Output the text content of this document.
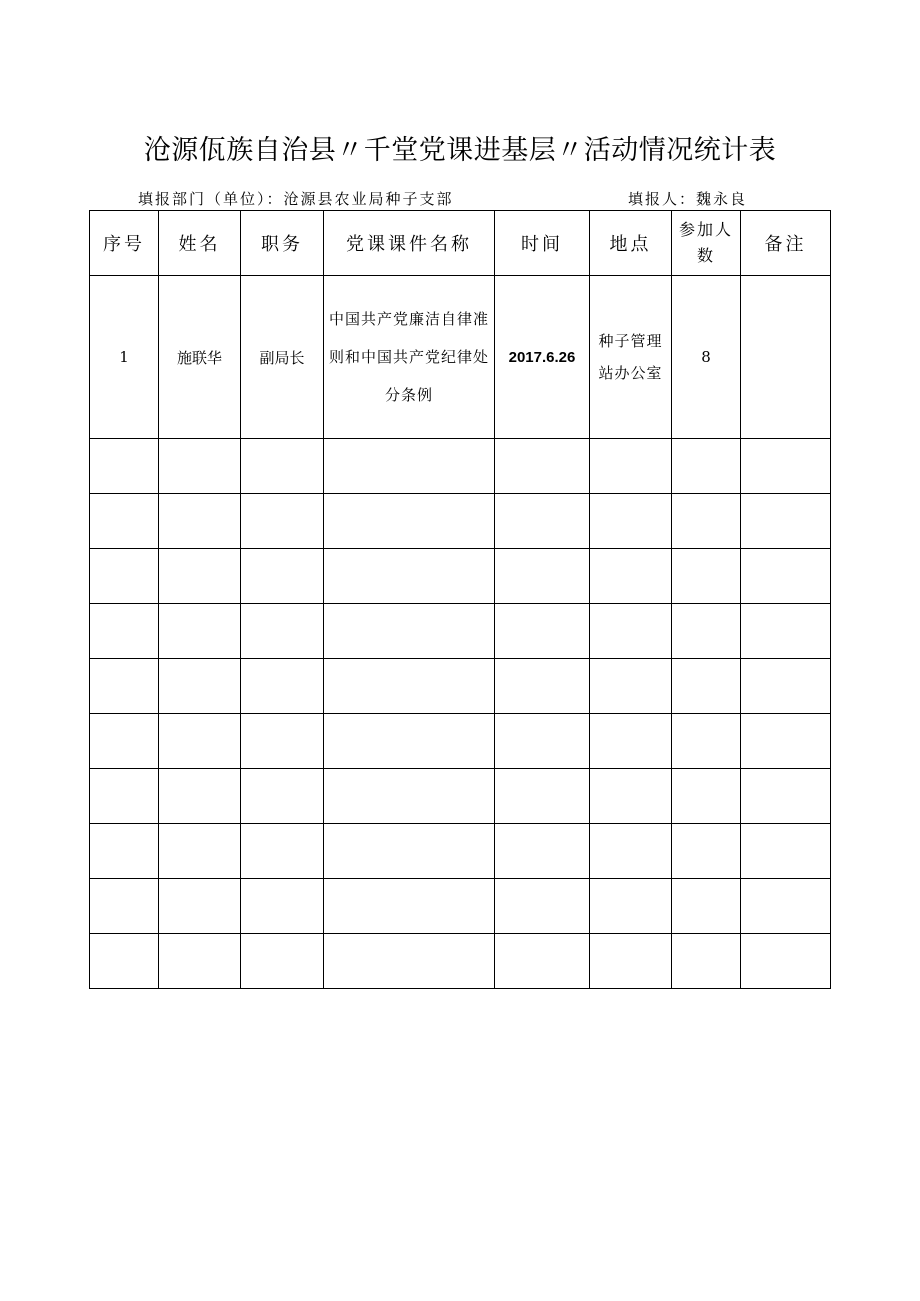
沧源佤族自治县〃千堂党课进基层〃活动情况统计表
填报部门（单位）：沧源县农业局种子支部	填报人：魏永良
序号	姓名	职务	党课课件名称	时间	地点	参加人数	备注
1	施联华	副局长	中国共产党廉洁自律准则和中国共产党纪律处分条例	2017.6.26	种子管理站办公室	8	
